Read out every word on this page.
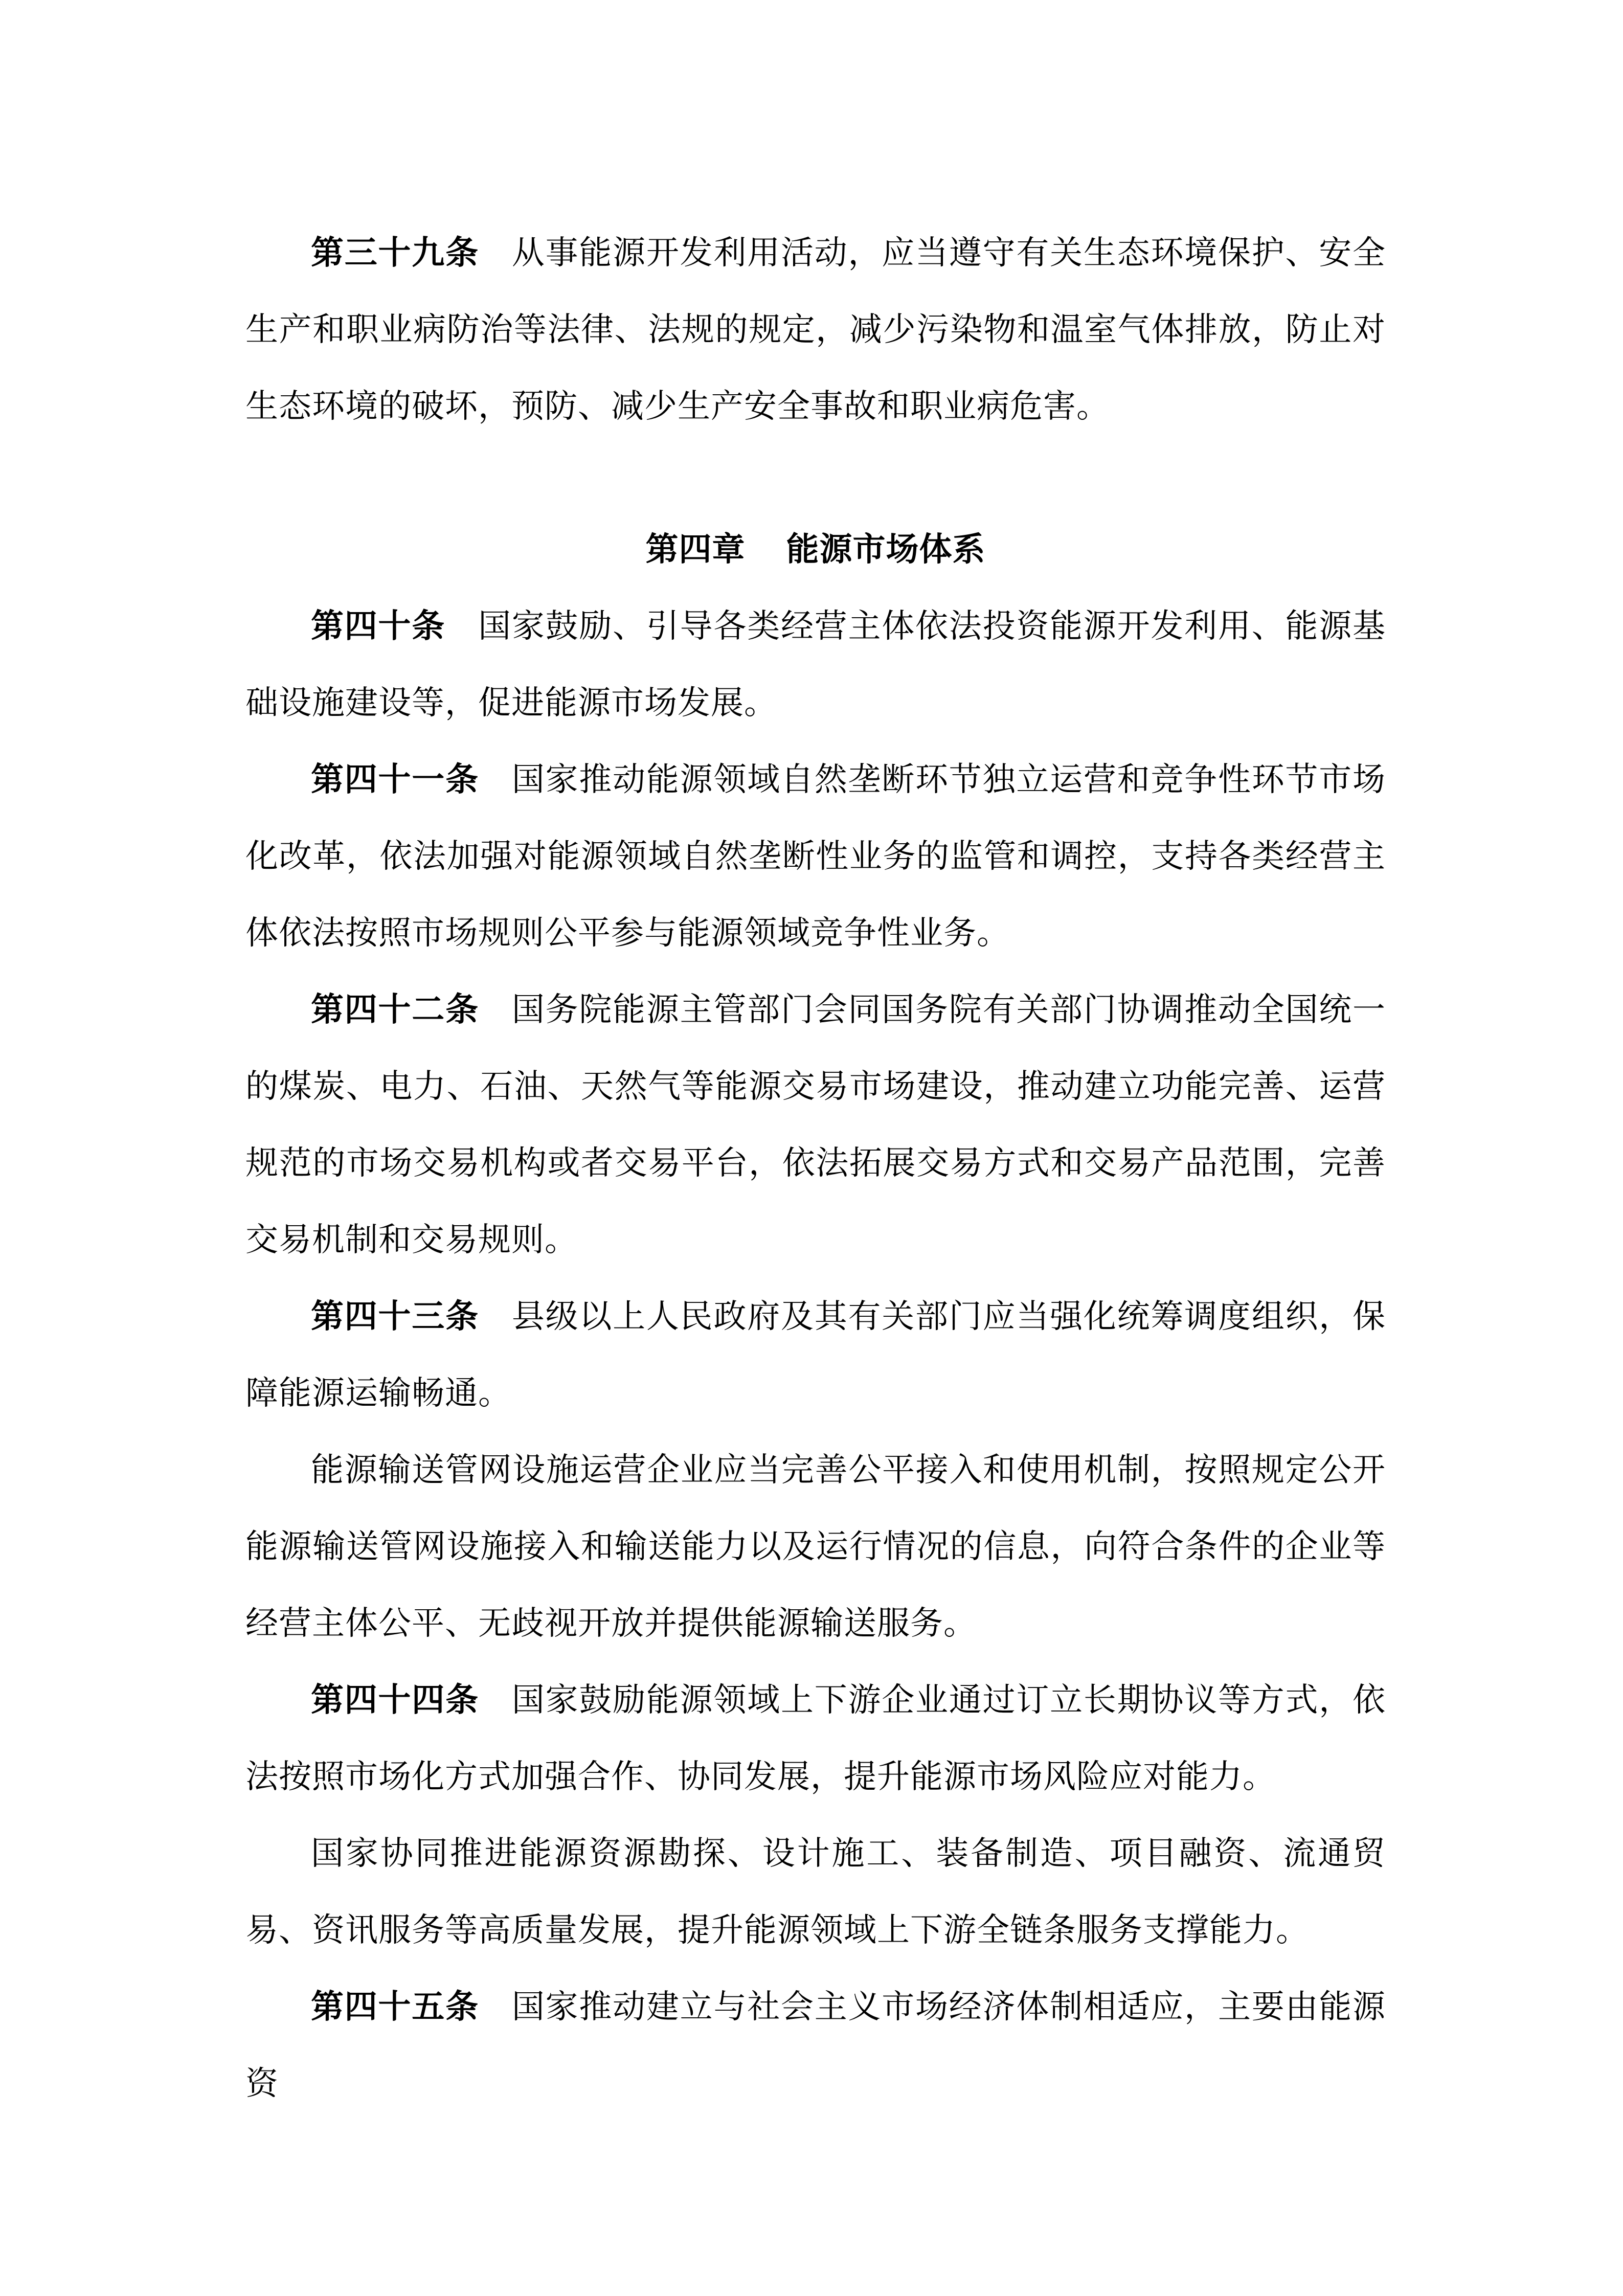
第三十九条 从事能源开发利用活动，应当遵守有关生态环境保护、安全生产和职业病防治等法律、法规的规定，减少污染物和温室气体排放，防止对生态环境的破坏，预防、减少生产安全事故和职业病危害。

第四章 能源市场体系

第四十条 国家鼓励、引导各类经营主体依法投资能源开发利用、能源基础设施建设等，促进能源市场发展。

第四十一条 国家推动能源领域自然垄断环节独立运营和竞争性环节市场化改革，依法加强对能源领域自然垄断性业务的监管和调控，支持各类经营主体依法按照市场规则公平参与能源领域竞争性业务。

第四十二条 国务院能源主管部门会同国务院有关部门协调推动全国统一的煤炭、电力、石油、天然气等能源交易市场建设，推动建立功能完善、运营规范的市场交易机构或者交易平台，依法拓展交易方式和交易产品范围，完善交易机制和交易规则。

第四十三条 县级以上人民政府及其有关部门应当强化统筹调度组织，保障能源运输畅通。

能源输送管网设施运营企业应当完善公平接入和使用机制，按照规定公开能源输送管网设施接入和输送能力以及运行情况的信息，向符合条件的企业等经营主体公平、无歧视开放并提供能源输送服务。

第四十四条 国家鼓励能源领域上下游企业通过订立长期协议等方式，依法按照市场化方式加强合作、协同发展，提升能源市场风险应对能力。

国家协同推进能源资源勘探、设计施工、装备制造、项目融资、流通贸易、资讯服务等高质量发展，提升能源领域上下游全链条服务支撑能力。

第四十五条 国家推动建立与社会主义市场经济体制相适应，主要由能源资
